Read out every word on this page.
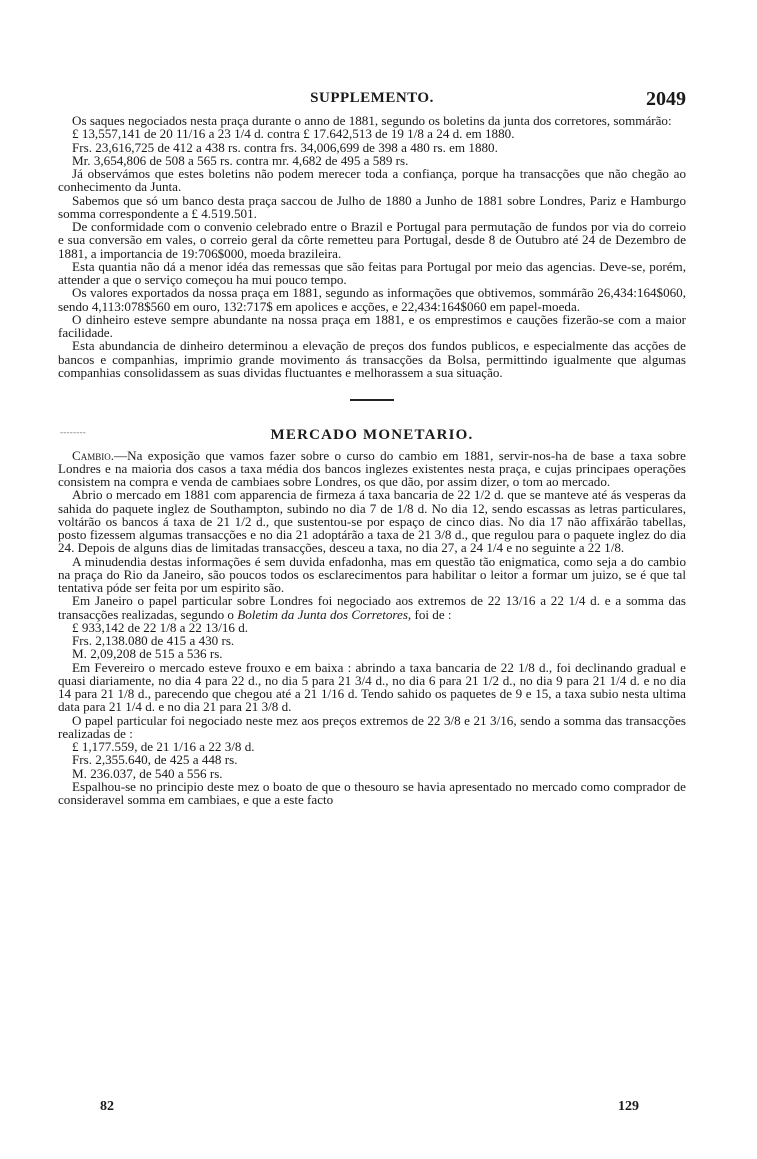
SUPPLEMENTO.	2049

Os saques negociados nesta praça durante o anno de 1881, segundo os boletins da junta dos corretores, sommárão:

£ 13,557,141 de 20 11/16 a 23 1/4 d. contra £ 17.642,513 de 19 1/8 a 24 d. em 1880.

Frs. 23,616,725 de 412 a 438 rs. contra frs. 34,006,699 de 398 a 480 rs. em 1880.

Mr. 3,654,806 de 508 a 565 rs. contra mr. 4,682 de 495 a 589 rs.

Já observámos que estes boletins não podem merecer toda a confiança, porque ha transacções que não chegão ao conhecimento da Junta.

Sabemos que só um banco desta praça saccou de Julho de 1880 a Junho de 1881 sobre Londres, Pariz e Hamburgo somma correspondente a £ 4.519.501.

De conformidade com o convenio celebrado entre o Brazil e Portugal para permutação de fundos por via do correio e sua conversão em vales, o correio geral da côrte remetteu para Portugal, desde 8 de Outubro até 24 de Dezembro de 1881, a importancia de 19:706$000, moeda brazileira.

Esta quantia não dá a menor idéa das remessas que são feitas para Portugal por meio das agencias. Deve-se, porém, attender a que o serviço começou ha mui pouco tempo.

Os valores exportados da nossa praça em 1881, segundo as informações que obtivemos, sommárão 26,434:164$060, sendo 4,113:078$560 em ouro, 132:717$ em apolices e acções, e 22,434:164$060 em papel-moeda.

O dinheiro esteve sempre abundante na nossa praça em 1881, e os emprestimos e cauções fizerão-se com a maior facilidade.

Esta abundancia de dinheiro determinou a elevação de preços dos fundos publicos, e especialmente das acções de bancos e companhias, imprimio grande movimento ás transacções da Bolsa, permittindo igualmente que algumas companhias consolidassem as suas dividas fluctuantes e melhorassem a sua situação.

- - - - - - - -	MERCADO MONETARIO.

Cambio.—Na exposição que vamos fazer sobre o curso do cambio em 1881, servir-nos-ha de base a taxa sobre Londres e na maioria dos casos a taxa média dos bancos inglezes existentes nesta praça, e cujas principaes operações consistem na compra e venda de cambiaes sobre Londres, os que dão, por assim dizer, o tom ao mercado.

Abrio o mercado em 1881 com apparencia de firmeza á taxa bancaria de 22 1/2 d. que se manteve até ás vesperas da sahida do paquete inglez de Southampton, subindo no dia 7 de 1/8 d. No dia 12, sendo escassas as letras particulares, voltárão os bancos á taxa de 21 1/2 d., que sustentou-se por espaço de cinco dias. No dia 17 não affixárão tabellas, posto fizessem algumas transacções e no dia 21 adoptárão a taxa de 21 3/8 d., que regulou para o paquete inglez do dia 24. Depois de alguns dias de limitadas transacções, desceu a taxa, no dia 27, a 24 1/4 e no seguinte a 22 1/8.

A minudendia destas informações é sem duvida enfadonha, mas em questão tão enigmatica, como seja a do cambio na praça do Rio da Janeiro, são poucos todos os esclarecimentos para habilitar o leitor a formar um juizo, se é que tal tentativa póde ser feita por um espirito são.

Em Janeiro o papel particular sobre Londres foi negociado aos extremos de 22 13/16 a 22 1/4 d. e a somma das transacções realizadas, segundo o Boletim da Junta dos Corretores, foi de :

£ 933,142 de 22 1/8 a 22 13/16 d.

Frs. 2,138.080 de 415 a 430 rs.

M. 2,09,208 de 515 a 536 rs.

Em Fevereiro o mercado esteve frouxo e em baixa : abrindo a taxa bancaria de 22 1/8 d., foi declinando gradual e quasi diariamente, no dia 4 para 22 d., no dia 5 para 21 3/4 d., no dia 6 para 21 1/2 d., no dia 9 para 21 1/4 d. e no dia 14 para 21 1/8 d., parecendo que chegou até a 21 1/16 d. Tendo sahido os paquetes de 9 e 15, a taxa subio nesta ultima data para 21 1/4 d. e no dia 21 para 21 3/8 d.

O papel particular foi negociado neste mez aos preços extremos de 22 3/8 e 21 3/16, sendo a somma das transacções realizadas de :

£ 1,177.559, de 21 1/16 a 22 3/8 d.

Frs. 2,355.640, de 425 a 448 rs.

M. 236.037, de 540 a 556 rs.

Espalhou-se no principio deste mez o boato de que o thesouro se havia apresentado no mercado como comprador de consideravel somma em cambiaes, e que a este facto

82	129
